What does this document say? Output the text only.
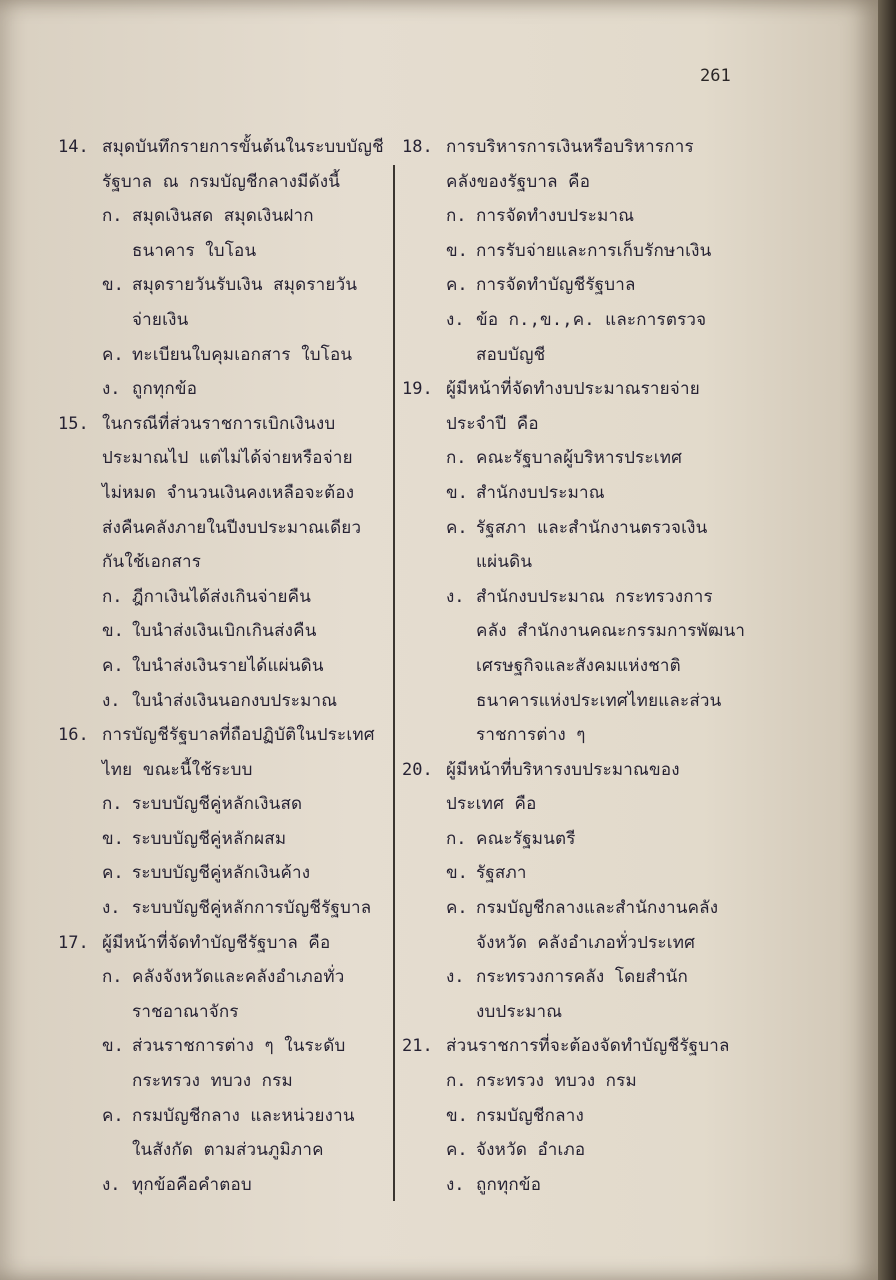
261
14. สมุดบันทึกรายการขั้นต้นในระบบบัญชี
รัฐบาล ณ กรมบัญชีกลางมีดังนี้
ก. สมุดเงินสด สมุดเงินฝาก
ธนาคาร ใบโอน
ข. สมุดรายวันรับเงิน สมุดรายวัน
จ่ายเงิน
ค. ทะเบียนใบคุมเอกสาร ใบโอน
ง. ถูกทุกข้อ
15. ในกรณีที่ส่วนราชการเบิกเงินงบ
ประมาณไป แต่ไม่ได้จ่ายหรือจ่าย
ไม่หมด จำนวนเงินคงเหลือจะต้อง
ส่งคืนคลังภายในปีงบประมาณเดียว
กันใช้เอกสาร
ก. ฎีกาเงินได้ส่งเกินจ่ายคืน
ข. ใบนำส่งเงินเบิกเกินส่งคืน
ค. ใบนำส่งเงินรายได้แผ่นดิน
ง. ใบนำส่งเงินนอกงบประมาณ
16. การบัญชีรัฐบาลที่ถือปฏิบัติในประเทศ
ไทย ขณะนี้ใช้ระบบ
ก. ระบบบัญชีคู่หลักเงินสด
ข. ระบบบัญชีคู่หลักผสม
ค. ระบบบัญชีคู่หลักเงินค้าง
ง. ระบบบัญชีคู่หลักการบัญชีรัฐบาล
17. ผู้มีหน้าที่จัดทำบัญชีรัฐบาล คือ
ก. คลังจังหวัดและคลังอำเภอทั่ว
ราชอาณาจักร
ข. ส่วนราชการต่าง ๆ ในระดับ
กระทรวง ทบวง กรม
ค. กรมบัญชีกลาง และหน่วยงาน
ในสังกัด ตามส่วนภูมิภาค
ง. ทุกข้อคือคำตอบ
18. การบริหารการเงินหรือบริหารการ
คลังของรัฐบาล คือ
ก. การจัดทำงบประมาณ
ข. การรับจ่ายและการเก็บรักษาเงิน
ค. การจัดทำบัญชีรัฐบาล
ง. ข้อ ก.,ข.,ค. และการตรวจ
สอบบัญชี
19. ผู้มีหน้าที่จัดทำงบประมาณรายจ่าย
ประจำปี คือ
ก. คณะรัฐบาลผู้บริหารประเทศ
ข. สำนักงบประมาณ
ค. รัฐสภา และสำนักงานตรวจเงิน
แผ่นดิน
ง. สำนักงบประมาณ กระทรวงการ
คลัง สำนักงานคณะกรรมการพัฒนา
เศรษฐกิจและสังคมแห่งชาติ
ธนาคารแห่งประเทศไทยและส่วน
ราชการต่าง ๆ
20. ผู้มีหน้าที่บริหารงบประมาณของ
ประเทศ คือ
ก. คณะรัฐมนตรี
ข. รัฐสภา
ค. กรมบัญชีกลางและสำนักงานคลัง
จังหวัด คลังอำเภอทั่วประเทศ
ง. กระทรวงการคลัง โดยสำนัก
งบประมาณ
21. ส่วนราชการที่จะต้องจัดทำบัญชีรัฐบาล
ก. กระทรวง ทบวง กรม
ข. กรมบัญชีกลาง
ค. จังหวัด อำเภอ
ง. ถูกทุกข้อ
